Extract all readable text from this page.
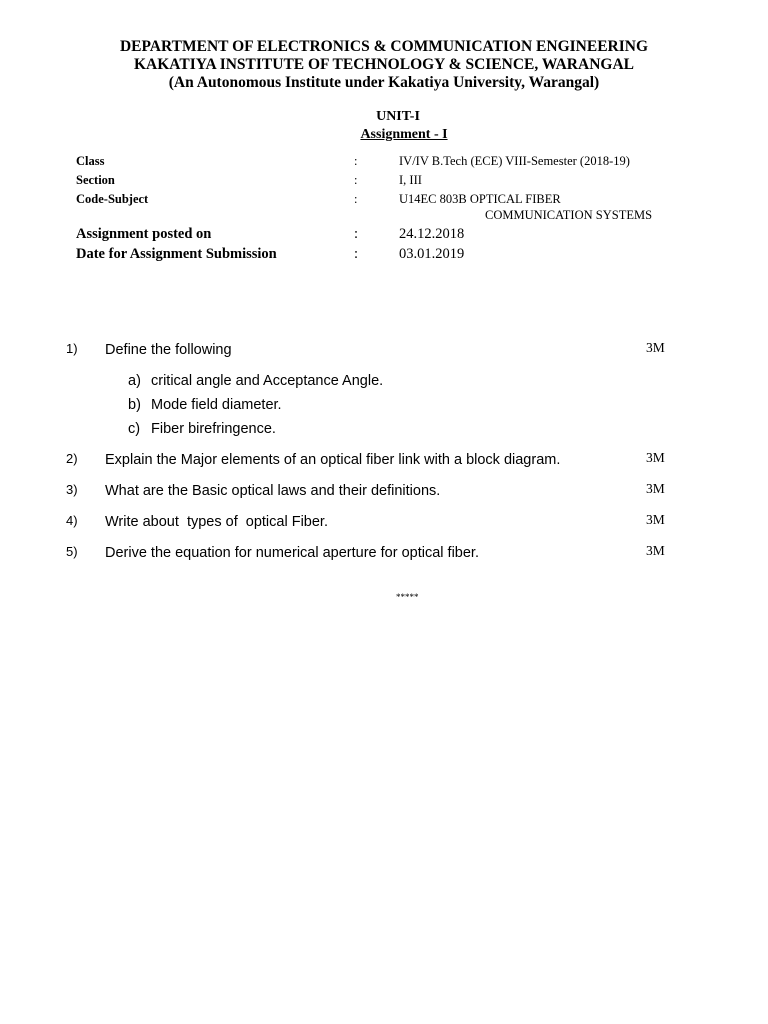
DEPARTMENT OF ELECTRONICS & COMMUNICATION ENGINEERING
KAKATIYA INSTITUTE OF TECHNOLOGY & SCIENCE, WARANGAL
(An Autonomous Institute under Kakatiya University, Warangal)
UNIT-I
Assignment - I
Class	:	IV/IV B.Tech (ECE) VIII-Semester (2018-19)
Section	:	I, III
Code-Subject	:	U14EC 803B OPTICAL FIBER
COMMUNICATION SYSTEMS
Assignment posted on	:	24.12.2018
Date for Assignment Submission	:	03.01.2019
1) Define the following	3M
a) critical angle and Acceptance Angle.
b) Mode field diameter.
c) Fiber birefringence.
2) Explain the Major elements of an optical fiber link with a block diagram.	3M
3) What are the Basic optical laws and their definitions.	3M
4) Write about  types of  optical Fiber.	3M
5) Derive the equation for numerical aperture for optical fiber.	3M
*****
